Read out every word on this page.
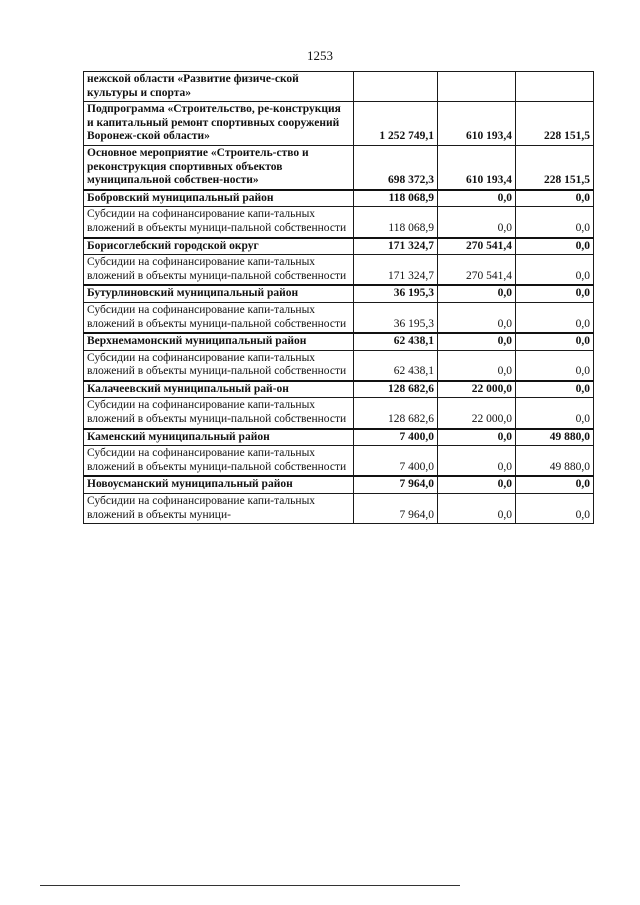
1253
нежской области «Развитие физиче-ской культуры и спорта»			
Подпрограмма «Строительство, ре-конструкция и капитальный ремонт спортивных сооружений Воронеж-ской области»	1 252 749,1	610 193,4	228 151,5
Основное мероприятие «Строитель-ство и реконструкция спортивных объектов муниципальной собствен-ности»	698 372,3	610 193,4	228 151,5
Бобровский муниципальный район	118 068,9	0,0	0,0
Субсидии на софинансирование капи-тальных вложений в объекты муници-пальной собственности	118 068,9	0,0	0,0
Борисоглебский городской округ	171 324,7	270 541,4	0,0
Субсидии на софинансирование капи-тальных вложений в объекты муници-пальной собственности	171 324,7	270 541,4	0,0
Бутурлиновский муниципальный район	36 195,3	0,0	0,0
Субсидии на софинансирование капи-тальных вложений в объекты муници-пальной собственности	36 195,3	0,0	0,0
Верхнемамонский муниципальный район	62 438,1	0,0	0,0
Субсидии на софинансирование капи-тальных вложений в объекты муници-пальной собственности	62 438,1	0,0	0,0
Калачеевский муниципальный рай-он	128 682,6	22 000,0	0,0
Субсидии на софинансирование капи-тальных вложений в объекты муници-пальной собственности	128 682,6	22 000,0	0,0
Каменский муниципальный район	7 400,0	0,0	49 880,0
Субсидии на софинансирование капи-тальных вложений в объекты муници-пальной собственности	7 400,0	0,0	49 880,0
Новоусманский муниципальный район	7 964,0	0,0	0,0
Субсидии на софинансирование капи-тальных вложений в объекты муници-	7 964,0	0,0	0,0
